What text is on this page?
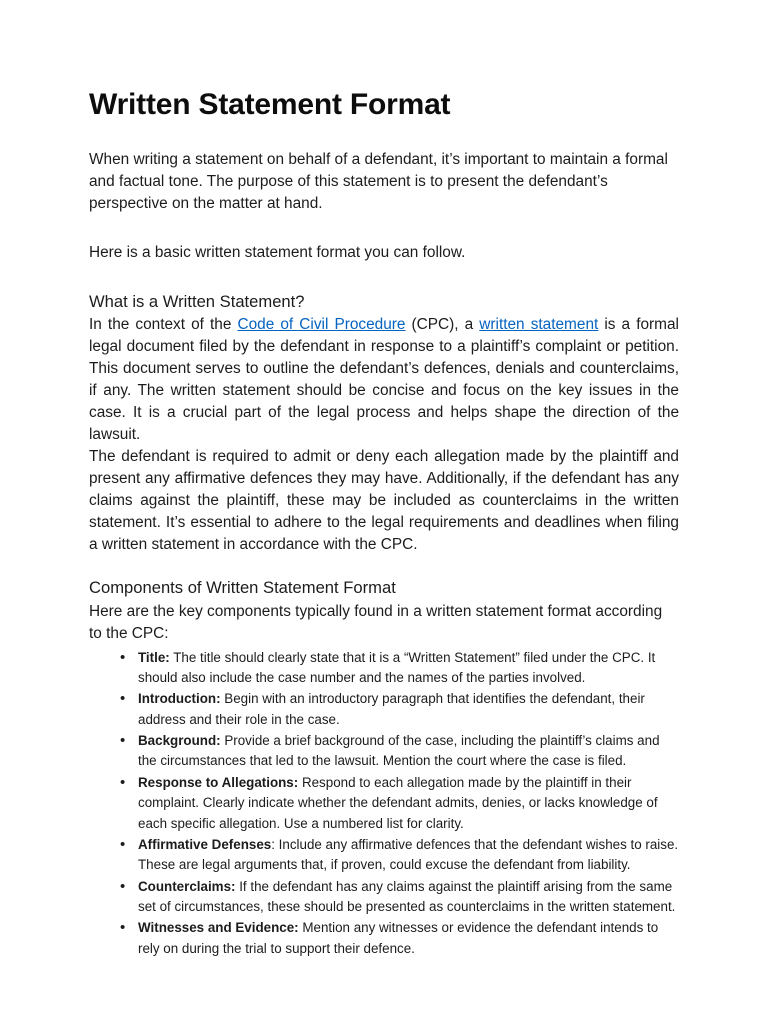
Written Statement Format

When writing a statement on behalf of a defendant, it’s important to maintain a formal and factual tone. The purpose of this statement is to present the defendant’s perspective on the matter at hand.

Here is a basic written statement format you can follow.

What is a Written Statement?

In the context of the Code of Civil Procedure (CPC), a written statement is a formal legal document filed by the defendant in response to a plaintiff’s complaint or petition. This document serves to outline the defendant’s defences, denials and counterclaims, if any. The written statement should be concise and focus on the key issues in the case. It is a crucial part of the legal process and helps shape the direction of the lawsuit.

The defendant is required to admit or deny each allegation made by the plaintiff and present any affirmative defences they may have. Additionally, if the defendant has any claims against the plaintiff, these may be included as counterclaims in the written statement. It’s essential to adhere to the legal requirements and deadlines when filing a written statement in accordance with the CPC.

Components of Written Statement Format

Here are the key components typically found in a written statement format according to the CPC:

• Title: The title should clearly state that it is a “Written Statement” filed under the CPC. It should also include the case number and the names of the parties involved.
• Introduction: Begin with an introductory paragraph that identifies the defendant, their address and their role in the case.
• Background: Provide a brief background of the case, including the plaintiff’s claims and the circumstances that led to the lawsuit. Mention the court where the case is filed.
• Response to Allegations: Respond to each allegation made by the plaintiff in their complaint. Clearly indicate whether the defendant admits, denies, or lacks knowledge of each specific allegation. Use a numbered list for clarity.
• Affirmative Defenses: Include any affirmative defences that the defendant wishes to raise. These are legal arguments that, if proven, could excuse the defendant from liability.
• Counterclaims: If the defendant has any claims against the plaintiff arising from the same set of circumstances, these should be presented as counterclaims in the written statement.
• Witnesses and Evidence: Mention any witnesses or evidence the defendant intends to rely on during the trial to support their defence.
